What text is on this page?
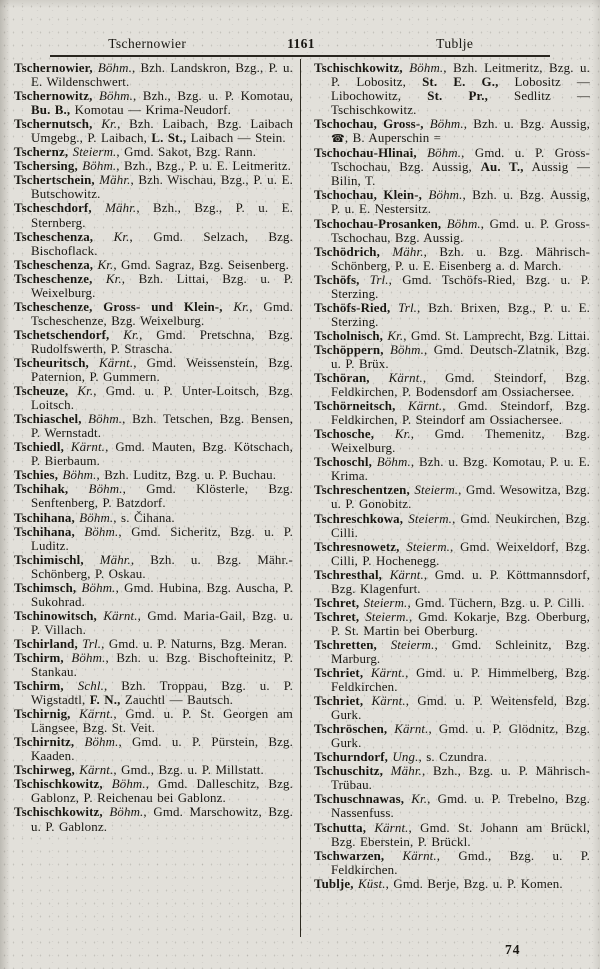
Tschernowier	1161	Tublje

Tschernowier, Böhm., Bzh. Landskron, Bzg., P. u. E. Wildenschwert.

Tschernowitz, Böhm., Bzh., Bzg. u. P. Komotau, Bu. B., Komotau — Krima-Neudorf.

Tschernutsch, Kr., Bzh. Laibach, Bzg. Laibach Umgebg., P. Laibach, L. St., Laibach — Stein.

Tschernz, Steierm., Gmd. Sakot, Bzg. Rann.

Tschersing, Böhm., Bzh., Bzg., P. u. E. Leitmeritz.

Tschertschein, Mähr., Bzh. Wischau, Bzg., P. u. E. Butschowitz.

Tscheschdorf, Mähr., Bzh., Bzg., P. u. E. Sternberg.

Tscheschenza, Kr., Gmd. Selzach, Bzg. Bischoflack.

Tscheschenza, Kr., Gmd. Sagraz, Bzg. Seisenberg.

Tscheschenze, Kr., Bzh. Littai, Bzg. u. P. Weixelburg.

Tscheschenze, Gross- und Klein-, Kr., Gmd. Tscheschenze, Bzg. Weixelburg.

Tschetschendorf, Kr., Gmd. Pretschna, Bzg. Rudolfswerth, P. Strascha.

Tscheuritsch, Kärnt., Gmd. Weissenstein, Bzg. Paternion, P. Gummern.

Tscheuze, Kr., Gmd. u. P. Unter-Loitsch, Bzg. Loitsch.

Tschiaschel, Böhm., Bzh. Tetschen, Bzg. Bensen, P. Wernstadt.

Tschiedl, Kärnt., Gmd. Mauten, Bzg. Kötschach, P. Bierbaum.

Tschies, Böhm., Bzh. Luditz, Bzg. u. P. Buchau.

Tschihak, Böhm., Gmd. Klösterle, Bzg. Senftenberg, P. Batzdorf.

Tschihana, Böhm., s. Čihana.

Tschihana, Böhm., Gmd. Sicheritz, Bzg. u. P. Luditz.

Tschimischl, Mähr., Bzh. u. Bzg. Mähr.-Schönberg, P. Oskau.

Tschimsch, Böhm., Gmd. Hubina, Bzg. Auscha, P. Sukohrad.

Tschinowitsch, Kärnt., Gmd. Maria-Gail, Bzg. u. P. Villach.

Tschirland, Trl., Gmd. u. P. Naturns, Bzg. Meran.

Tschirm, Böhm., Bzh. u. Bzg. Bischofteinitz, P. Stankau.

Tschirm, Schl., Bzh. Troppau, Bzg. u. P. Wigstadtl, F. N., Zauchtl — Bautsch.

Tschirnig, Kärnt., Gmd. u. P. St. Georgen am Längsee, Bzg. St. Veit.

Tschirnitz, Böhm., Gmd. u. P. Pürstein, Bzg. Kaaden.

Tschirweg, Kärnt., Gmd., Bzg. u. P. Millstatt.

Tschischkowitz, Böhm., Gmd. Dalleschitz, Bzg. Gablonz, P. Reichenau bei Gablonz.

Tschischkowitz, Böhm., Gmd. Marschowitz, Bzg. u. P. Gablonz.

Tschischkowitz, Böhm., Bzh. Leitmeritz, Bzg. u. P. Lobositz, St. E. G., Lobositz — Libochowitz, St. Pr., Sedlitz — Tschischkowitz.

Tschochau, Gross-, Böhm., Bzh. u. Bzg. Aussig, ☎, B. Auperschin =

Tschochau-Hlinai, Böhm., Gmd. u. P. Gross-Tschochau, Bzg. Aussig, Au. T., Aussig — Bilin, T.

Tschochau, Klein-, Böhm., Bzh. u. Bzg. Aussig, P. u. E. Nestersitz.

Tschochau-Prosanken, Böhm., Gmd. u. P. Gross-Tschochau, Bzg. Aussig.

Tschödrich, Mähr., Bzh. u. Bzg. Mährisch-Schönberg, P. u. E. Eisenberg a. d. March.

Tschöfs, Trl., Gmd. Tschöfs-Ried, Bzg. u. P. Sterzing.

Tschöfs-Ried, Trl., Bzh. Brixen, Bzg., P. u. E. Sterzing.

Tscholnisch, Kr., Gmd. St. Lamprecht, Bzg. Littai.

Tschöppern, Böhm., Gmd. Deutsch-Zlatnik, Bzg. u. P. Brüx.

Tschöran, Kärnt., Gmd. Steindorf, Bzg. Feldkirchen, P. Bodensdorf am Ossiachersee.

Tschörneitsch, Kärnt., Gmd. Steindorf, Bzg. Feldkirchen, P. Steindorf am Ossiachersee.

Tschosche, Kr., Gmd. Themenitz, Bzg. Weixelburg.

Tschoschl, Böhm., Bzh. u. Bzg. Komotau, P. u. E. Krima.

Tschreschentzen, Steierm., Gmd. Wesowitza, Bzg. u. P. Gonobitz.

Tschreschkowa, Steierm., Gmd. Neukirchen, Bzg. Cilli.

Tschresnowetz, Steierm., Gmd. Weixeldorf, Bzg. Cilli, P. Hochenegg.

Tschresthal, Kärnt., Gmd. u. P. Köttmannsdorf, Bzg. Klagenfurt.

Tschret, Steierm., Gmd. Tüchern, Bzg. u. P. Cilli.

Tschret, Steierm., Gmd. Kokarje, Bzg. Oberburg, P. St. Martin bei Oberburg.

Tschretten, Steierm., Gmd. Schleinitz, Bzg. Marburg.

Tschriet, Kärnt., Gmd. u. P. Himmelberg, Bzg. Feldkirchen.

Tschriet, Kärnt., Gmd. u. P. Weitensfeld, Bzg. Gurk.

Tschröschen, Kärnt., Gmd. u. P. Glödnitz, Bzg. Gurk.

Tschurndorf, Ung., s. Czundra.

Tschuschitz, Mähr., Bzh., Bzg. u. P. Mährisch-Trübau.

Tschuschnawas, Kr., Gmd. u. P. Trebelno, Bzg. Nassenfuss.

Tschutta, Kärnt., Gmd. St. Johann am Brückl, Bzg. Eberstein, P. Brückl.

Tschwarzen, Kärnt., Gmd., Bzg. u. P. Feldkirchen.

Tublje, Küst., Gmd. Berje, Bzg. u. P. Komen.

74
